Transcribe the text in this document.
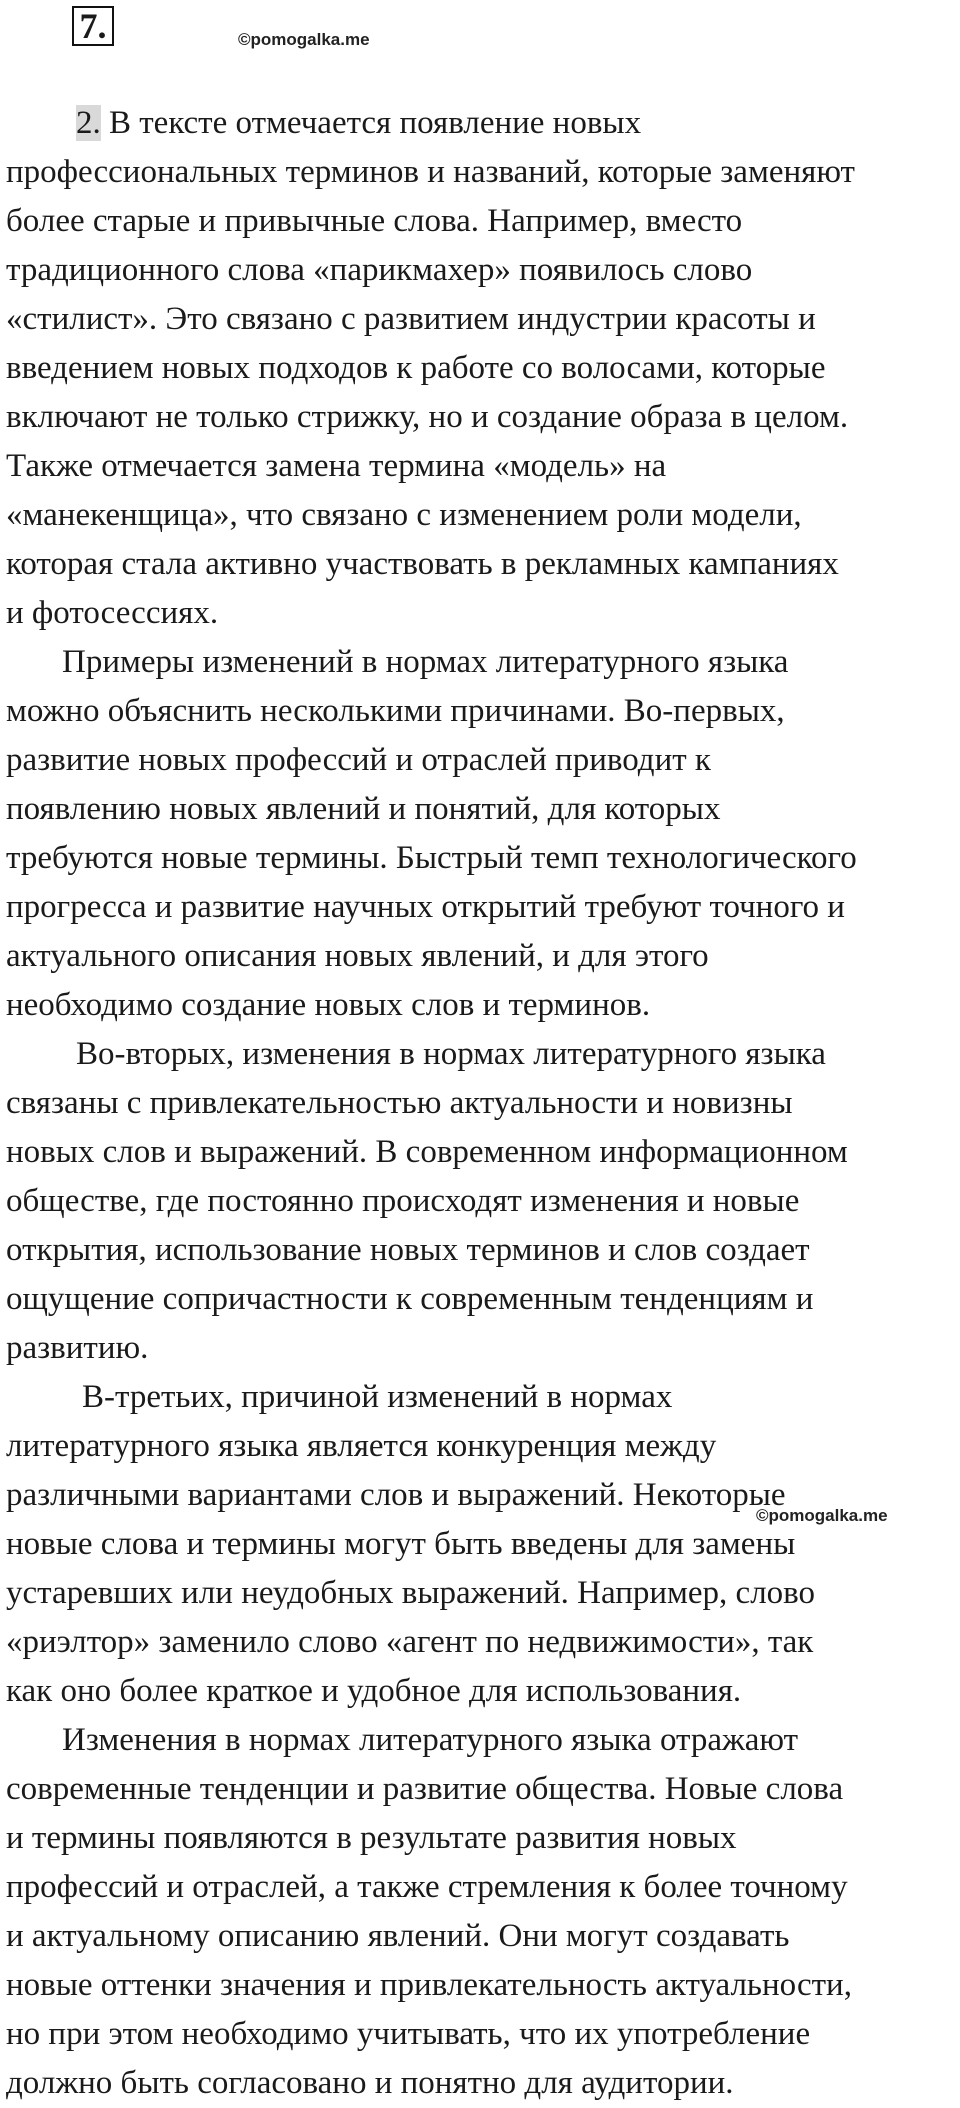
7.	©pomogalka.me
2. В тексте отмечается появление новых
профессиональных терминов и названий, которые заменяют
более старые и привычные слова. Например, вместо
традиционного слова «парикмахер» появилось слово
«стилист». Это связано с развитием индустрии красоты и
введением новых подходов к работе со волосами, которые
включают не только стрижку, но и создание образа в целом.
Также отмечается замена термина «модель» на
«манекенщица», что связано с изменением роли модели,
которая стала активно участвовать в рекламных кампаниях
и фотосессиях.
Примеры изменений в нормах литературного языка
можно объяснить несколькими причинами. Во-первых,
развитие новых профессий и отраслей приводит к
появлению новых явлений и понятий, для которых
требуются новые термины. Быстрый темп технологического
прогресса и развитие научных открытий требуют точного и
актуального описания новых явлений, и для этого
необходимо создание новых слов и терминов.
Во-вторых, изменения в нормах литературного языка
связаны с привлекательностью актуальности и новизны
новых слов и выражений. В современном информационном
обществе, где постоянно происходят изменения и новые
открытия, использование новых терминов и слов создает
ощущение сопричастности к современным тенденциям и
развитию.
В-третьих, причиной изменений в нормах
литературного языка является конкуренция между
различными вариантами слов и выражений. Некоторые
новые слова и термины могут быть введены для замены
устаревших или неудобных выражений. Например, слово
«риэлтор» заменило слово «агент по недвижимости», так
как оно более краткое и удобное для использования.
Изменения в нормах литературного языка отражают
современные тенденции и развитие общества. Новые слова
и термины появляются в результате развития новых
профессий и отраслей, а также стремления к более точному
и актуальному описанию явлений. Они могут создавать
новые оттенки значения и привлекательность актуальности,
но при этом необходимо учитывать, что их употребление
должно быть согласовано и понятно для аудитории.
©pomogalka.me
